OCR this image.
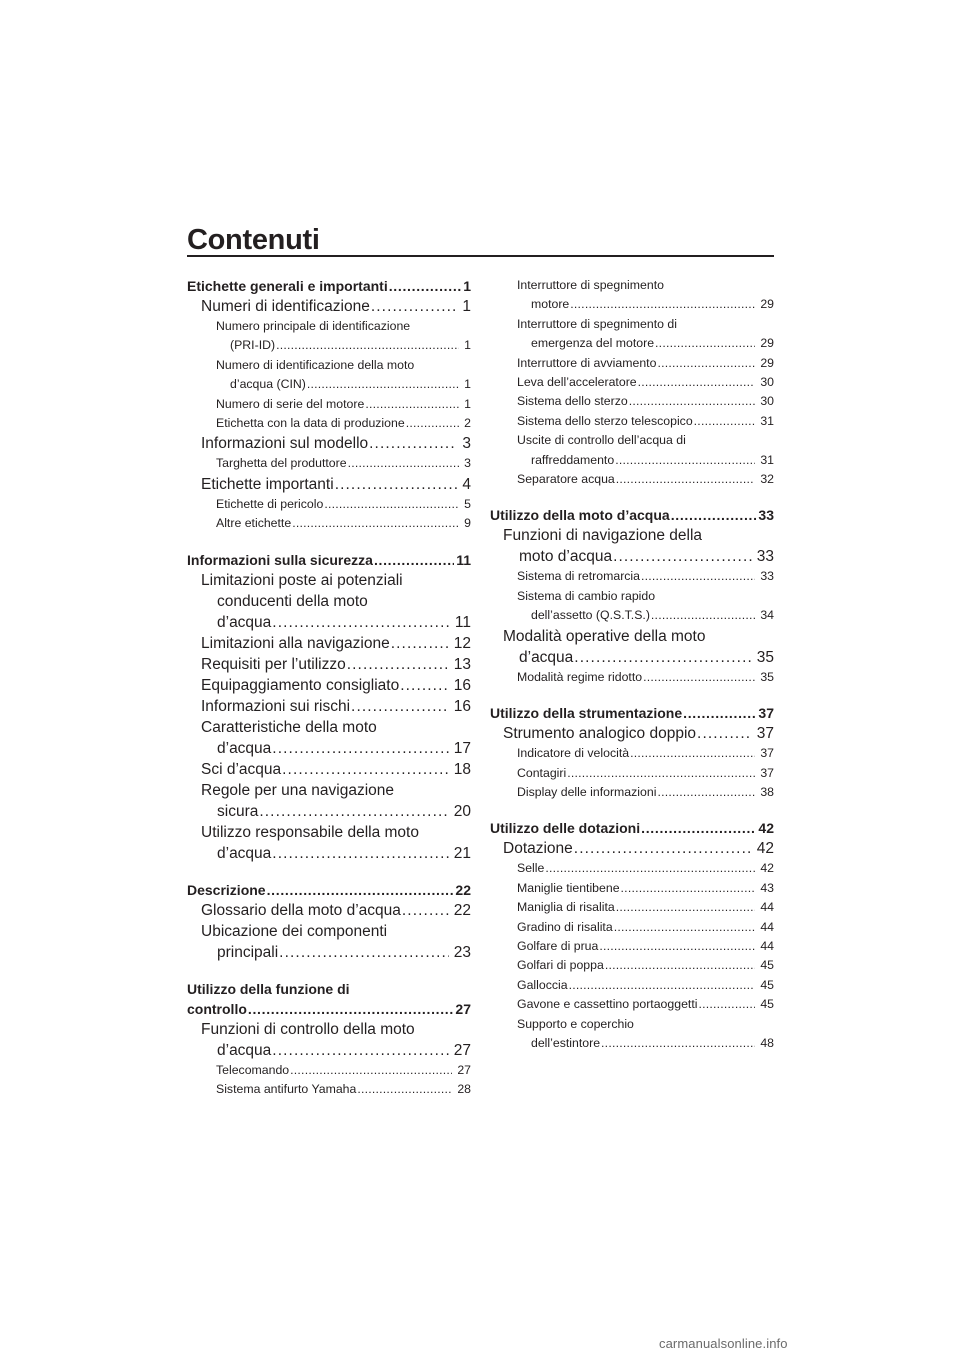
Contenuti
Etichette generali e importanti . . .	1
Numeri di identificazione . . .	1
Numero principale di identificazione
(PRI-ID) . . .	1
Numero di identificazione della moto
d’acqua (CIN) . . .	1
Numero di serie del motore . . .	1
Etichetta con la data di produzione . . .	2
Informazioni sul modello . . .	3
Targhetta del produttore . . .	3
Etichette importanti . . .	4
Etichette di pericolo . . .	5
Altre etichette . . .	9
Informazioni sulla sicurezza . . .	11
Limitazioni poste ai potenziali
conducenti della moto
d’acqua . . .	11
Limitazioni alla navigazione . . .	12
Requisiti per l’utilizzo . . .	13
Equipaggiamento consigliato . . .	16
Informazioni sui rischi . . .	16
Caratteristiche della moto
d’acqua . . .	17
Sci d’acqua . . .	18
Regole per una navigazione
sicura . . .	20
Utilizzo responsabile della moto
d’acqua . . .	21
Descrizione . . .	22
Glossario della moto d’acqua . . .	22
Ubicazione dei componenti
principali . . .	23
Utilizzo della funzione di
controllo . . .	27
Funzioni di controllo della moto
d’acqua . . .	27
Telecomando . . .	27
Sistema antifurto Yamaha . . .	28
Interruttore di spegnimento
motore . . .	29
Interruttore di spegnimento di
emergenza del motore . . .	29
Interruttore di avviamento . . .	29
Leva dell’acceleratore . . .	30
Sistema dello sterzo . . .	30
Sistema dello sterzo telescopico . . .	31
Uscite di controllo dell’acqua di
raffreddamento . . .	31
Separatore acqua . . .	32
Utilizzo della moto d’acqua . . .	33
Funzioni di navigazione della
moto d’acqua . . .	33
Sistema di retromarcia . . .	33
Sistema di cambio rapido
dell’assetto (Q.S.T.S.) . . .	34
Modalità operative della moto
d’acqua . . .	35
Modalità regime ridotto . . .	35
Utilizzo della strumentazione . . .	37
Strumento analogico doppio . . .	37
Indicatore di velocità . . .	37
Contagiri . . .	37
Display delle informazioni . . .	38
Utilizzo delle dotazioni . . .	42
Dotazione . . .	42
Selle . . .	42
Maniglie tientibene . . .	43
Maniglia di risalita . . .	44
Gradino di risalita . . .	44
Golfare di prua . . .	44
Golfari di poppa . . .	45
Galloccia . . .	45
Gavone e cassettino portaoggetti . . .	45
Supporto e coperchio
dell’estintore . . .	48
carmanualsonline.info
